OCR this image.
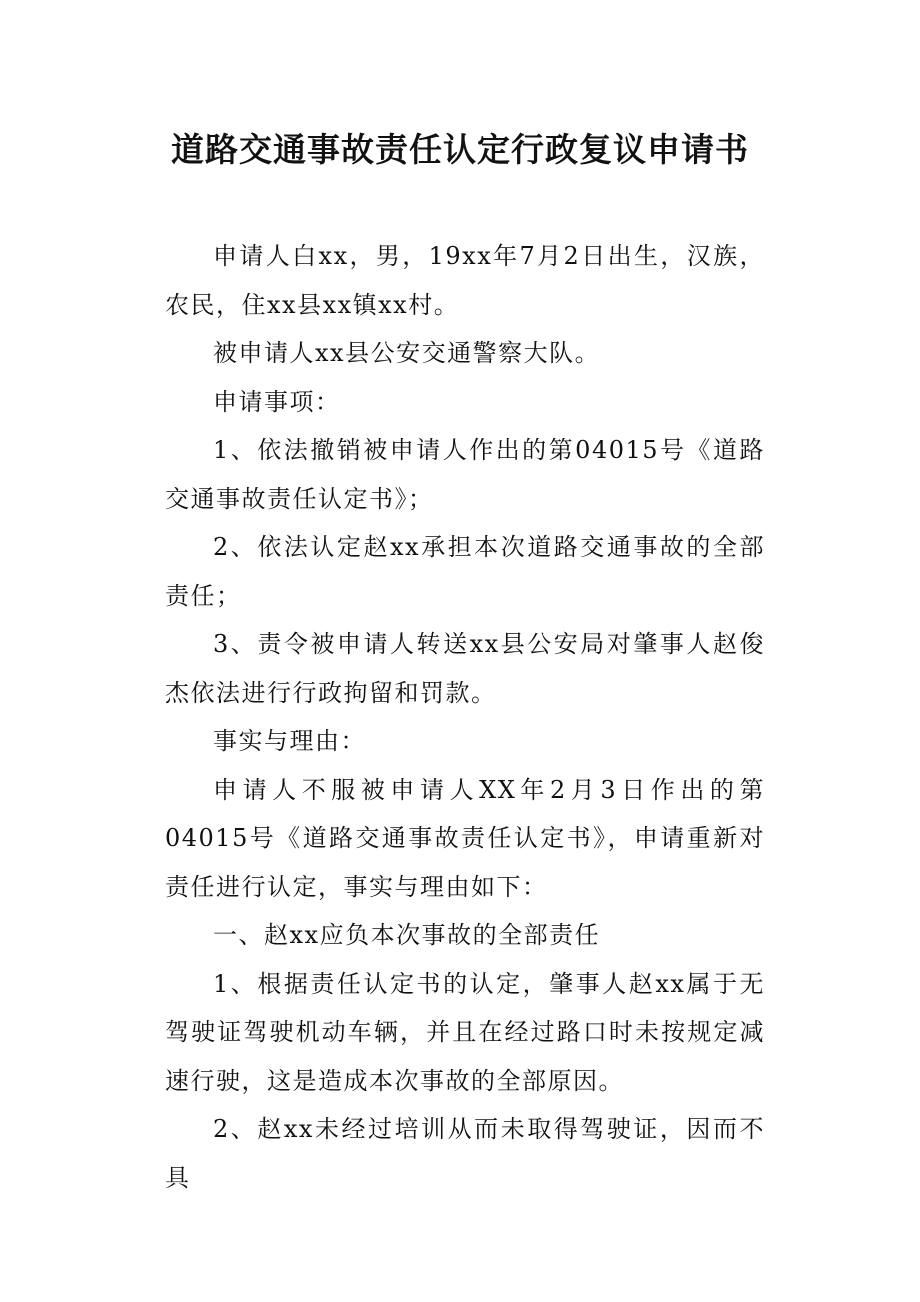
道路交通事故责任认定行政复议申请书

申请人白xx，男，19xx年7月2日出生，汉族，农民，住xx县xx镇xx村。

被申请人xx县公安交通警察大队。

申请事项：

1、依法撤销被申请人作出的第04015号《道路交通事故责任认定书》；

2、依法认定赵xx承担本次道路交通事故的全部责任；

3、责令被申请人转送xx县公安局对肇事人赵俊杰依法进行行政拘留和罚款。

事实与理由：

申请人不服被申请人XX年2月3日作出的第04015号《道路交通事故责任认定书》，申请重新对责任进行认定，事实与理由如下：

一、赵xx应负本次事故的全部责任

1、根据责任认定书的认定，肇事人赵xx属于无驾驶证驾驶机动车辆，并且在经过路口时未按规定减速行驶，这是造成本次事故的全部原因。

2、赵xx未经过培训从而未取得驾驶证，因而不具
